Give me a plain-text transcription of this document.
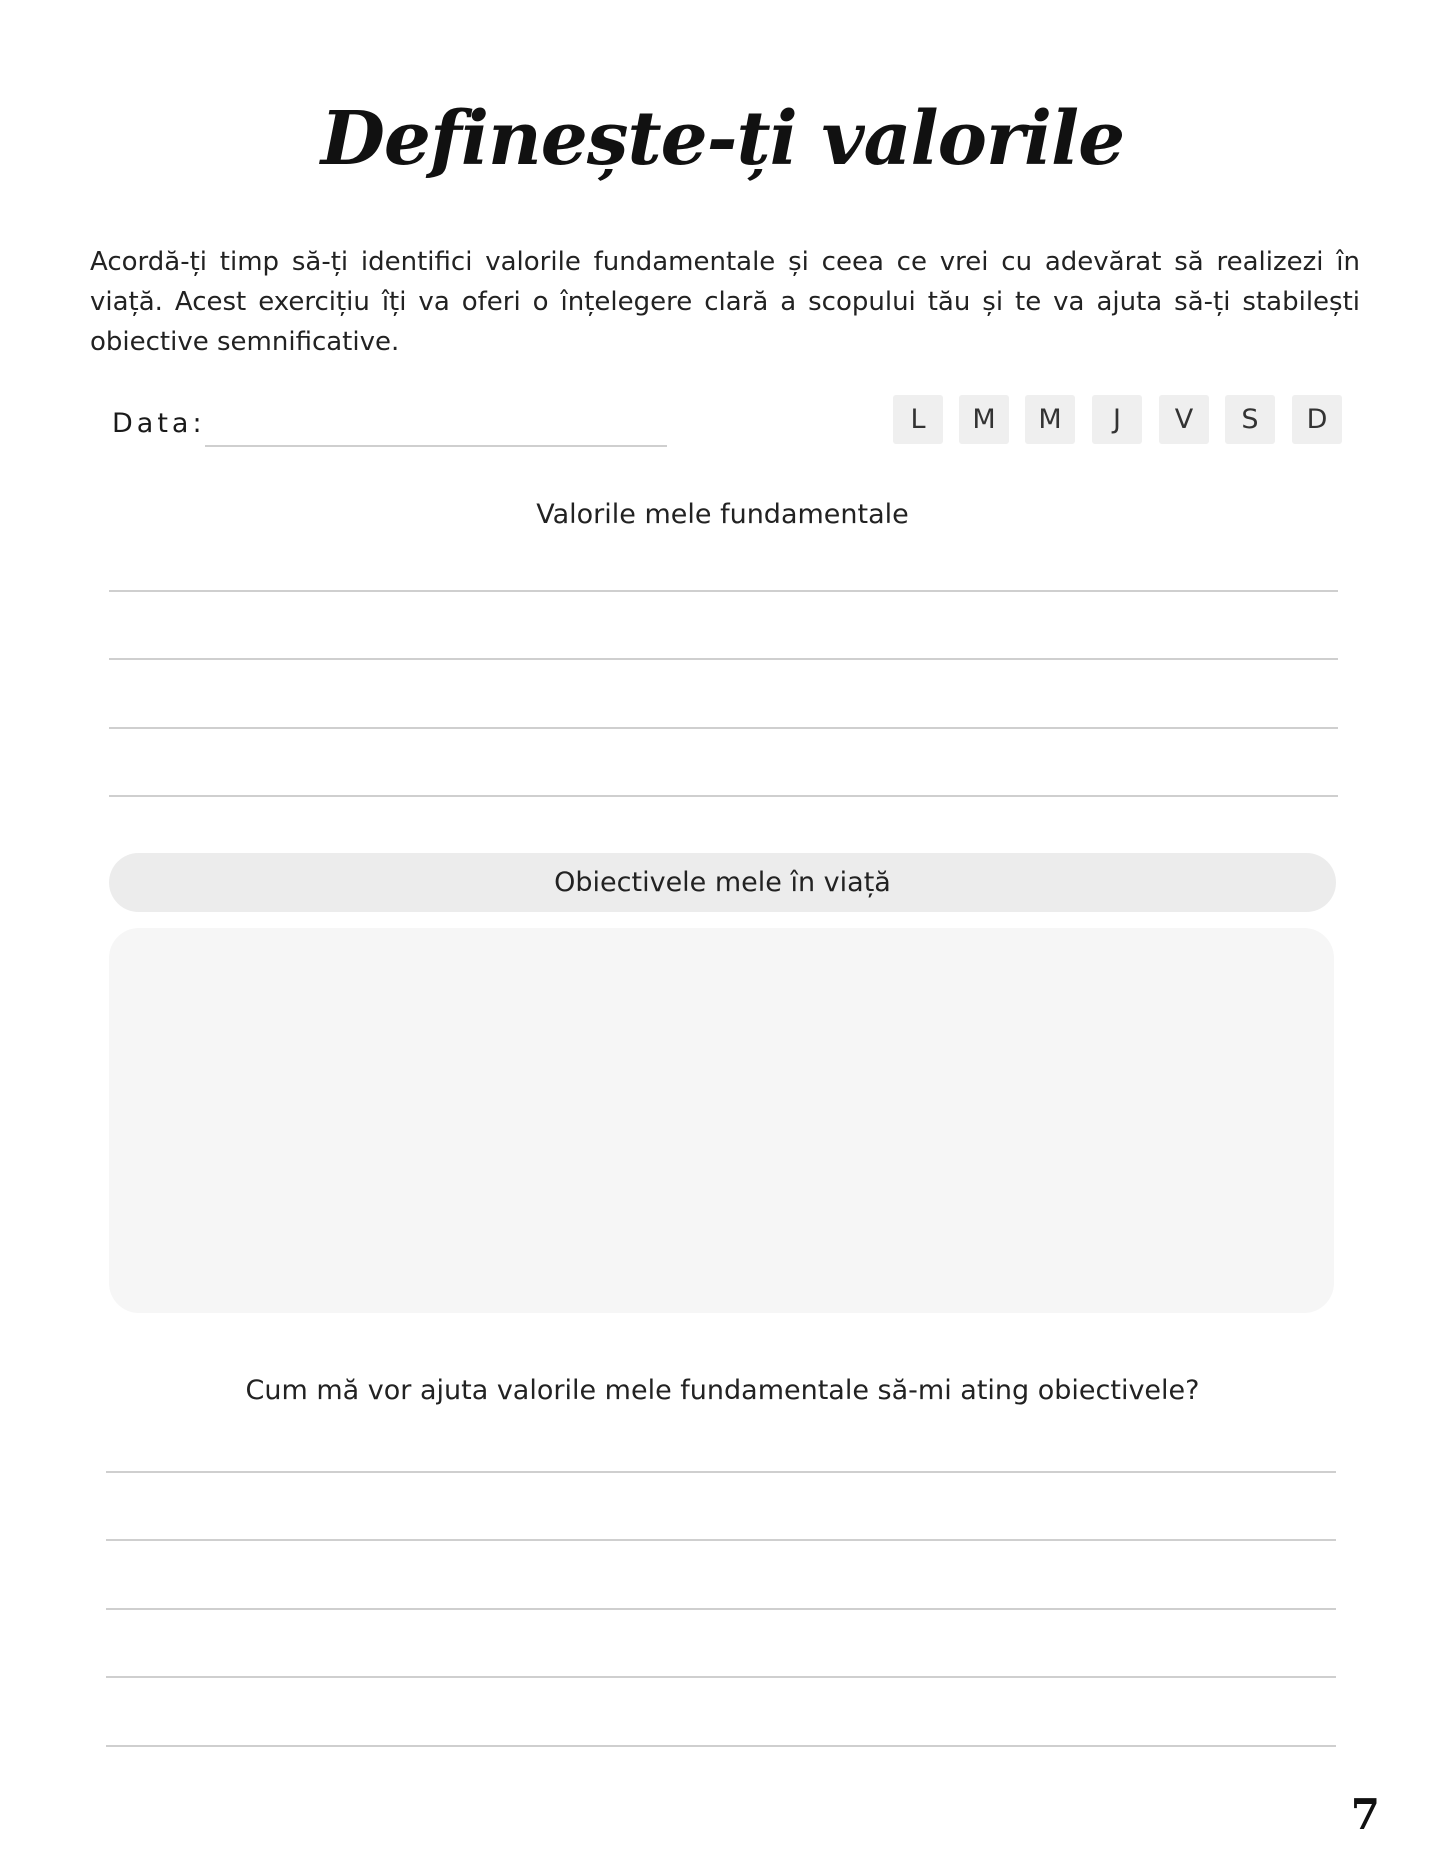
Definește-ți valorile
Acordă-ți timp să-ți identifici valorile fundamentale și ceea ce vrei cu adevărat să realizezi în viață. Acest exercițiu îți va oferi o înțelegere clară a scopului tău și te va ajuta să-ți stabilești obiective semnificative.
Data:	L	M	M	J	V	S	D
Valorile mele fundamentale
Obiectivele mele în viață
Cum mă vor ajuta valorile mele fundamentale să-mi ating obiectivele?
7
